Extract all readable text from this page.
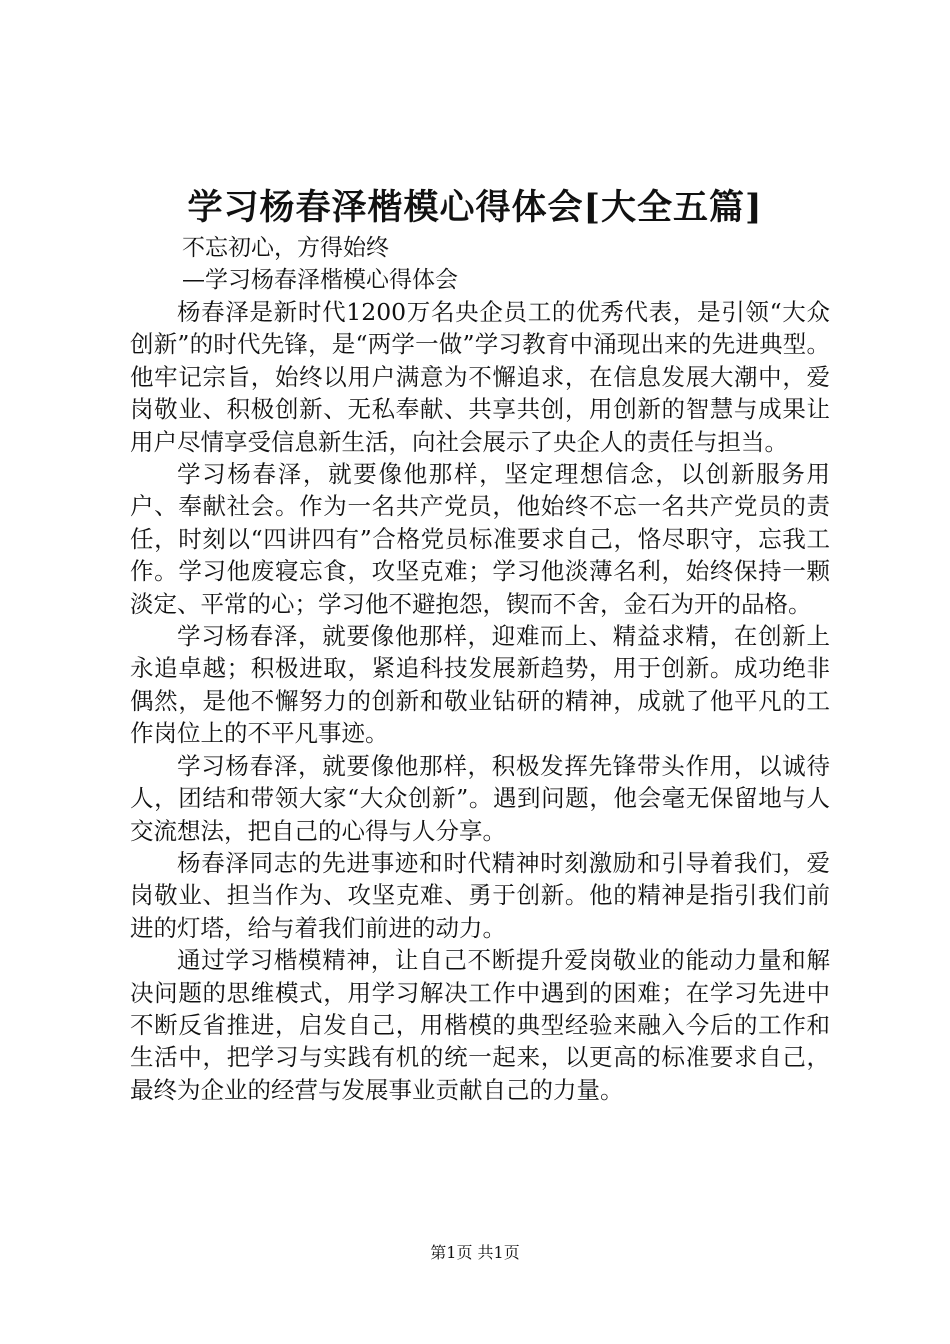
学习杨春泽楷模心得体会[大全五篇]
不忘初心，方得始终
—学习杨春泽楷模心得体会

杨春泽是新时代1200万名央企员工的优秀代表，是引领“大众创新”的时代先锋，是“两学一做”学习教育中涌现出来的先进典型。他牢记宗旨，始终以用户满意为不懈追求，在信息发展大潮中，爱岗敬业、积极创新、无私奉献、共享共创，用创新的智慧与成果让用户尽情享受信息新生活，向社会展示了央企人的责任与担当。

学习杨春泽，就要像他那样，坚定理想信念，以创新服务用户、奉献社会。作为一名共产党员，他始终不忘一名共产党员的责任，时刻以“四讲四有”合格党员标准要求自己，恪尽职守，忘我工作。学习他废寝忘食，攻坚克难；学习他淡薄名利，始终保持一颗淡定、平常的心；学习他不避抱怨，锲而不舍，金石为开的品格。

学习杨春泽，就要像他那样，迎难而上、精益求精，在创新上永追卓越；积极进取，紧追科技发展新趋势，用于创新。成功绝非偶然，是他不懈努力的创新和敬业钻研的精神，成就了他平凡的工作岗位上的不平凡事迹。

学习杨春泽，就要像他那样，积极发挥先锋带头作用，以诚待人，团结和带领大家“大众创新”。遇到问题，他会毫无保留地与人交流想法，把自己的心得与人分享。

杨春泽同志的先进事迹和时代精神时刻激励和引导着我们，爱岗敬业、担当作为、攻坚克难、勇于创新。他的精神是指引我们前进的灯塔，给与着我们前进的动力。

通过学习楷模精神，让自己不断提升爱岗敬业的能动力量和解决问题的思维模式，用学习解决工作中遇到的困难；在学习先进中不断反省推进，启发自己，用楷模的典型经验来融入今后的工作和生活中，把学习与实践有机的统一起来，以更高的标准要求自己，最终为企业的经营与发展事业贡献自己的力量。

第1页 共1页
